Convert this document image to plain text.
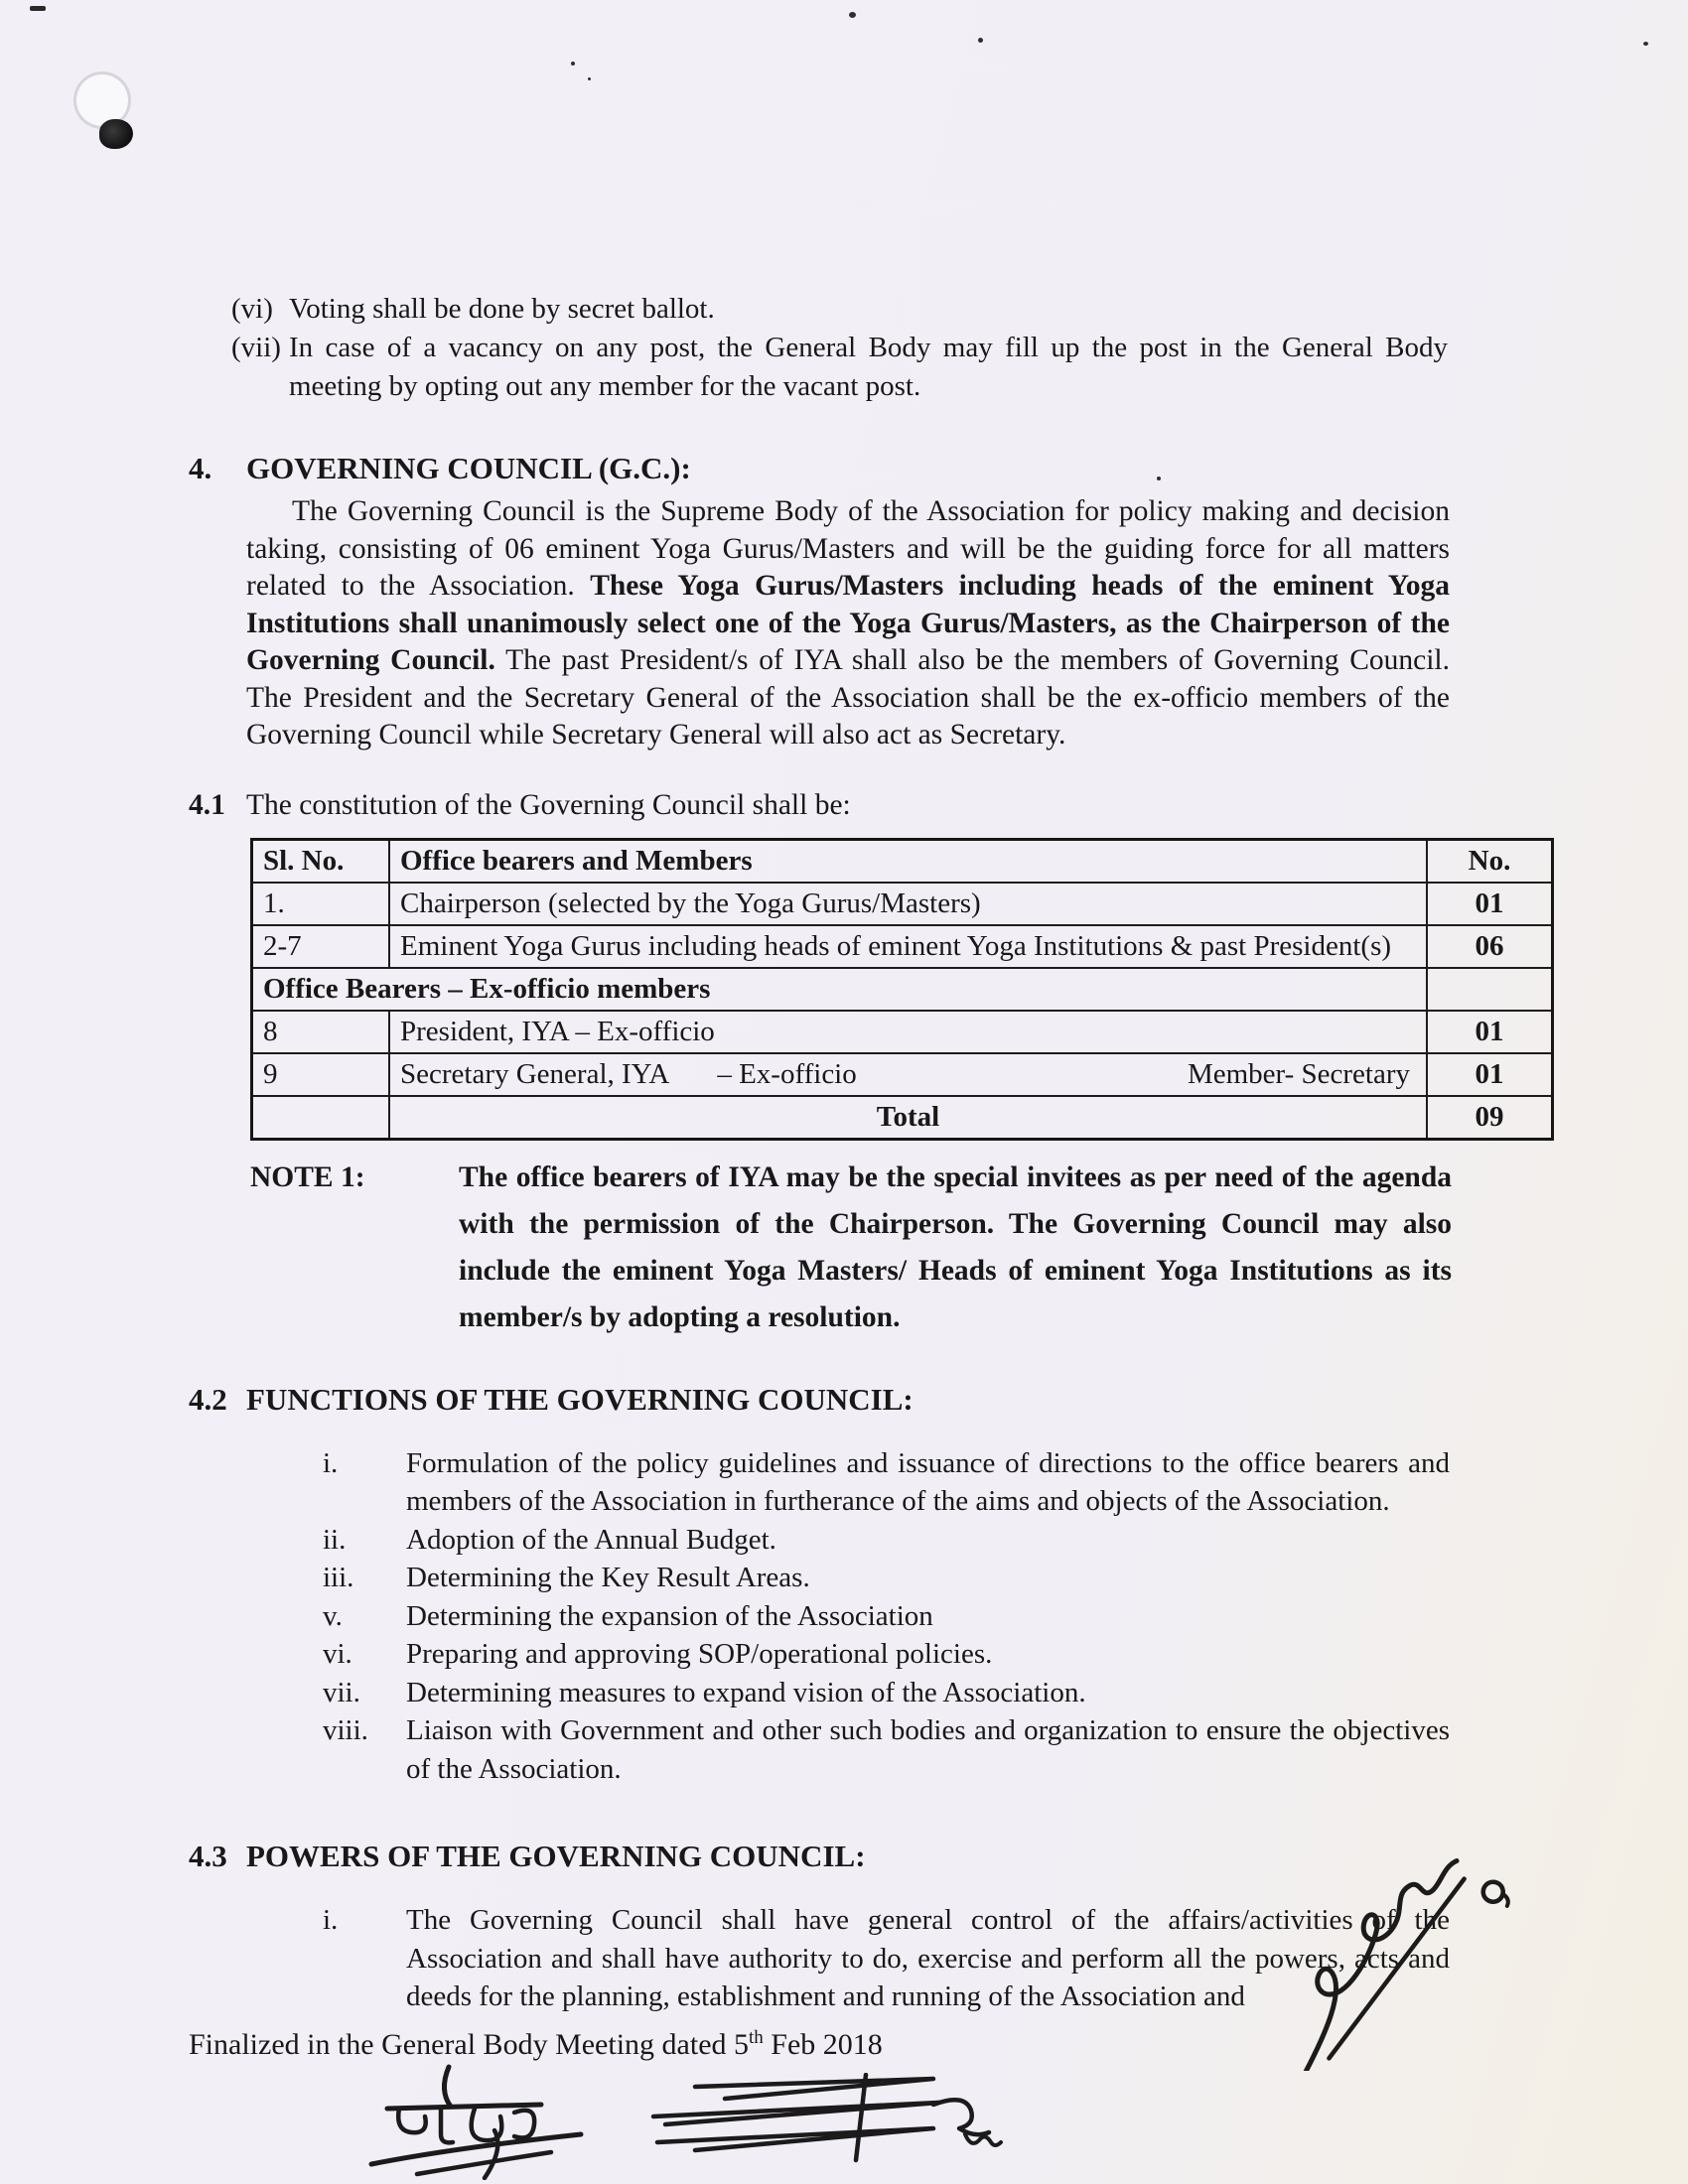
(vi) Voting shall be done by secret ballot.
(vii) In case of a vacancy on any post, the General Body may fill up the post in the General Body meeting by opting out any member for the vacant post.
4. GOVERNING COUNCIL (G.C.):

The Governing Council is the Supreme Body of the Association for policy making and decision taking, consisting of 06 eminent Yoga Gurus/Masters and will be the guiding force for all matters related to the Association. These Yoga Gurus/Masters including heads of the eminent Yoga Institutions shall unanimously select one of the Yoga Gurus/Masters, as the Chairperson of the Governing Council. The past President/s of IYA shall also be the members of Governing Council. The President and the Secretary General of the Association shall be the ex-officio members of the Governing Council while Secretary General will also act as Secretary.

4.1 The constitution of the Governing Council shall be:
Sl. No.	Office bearers and Members	No.
1.	Chairperson (selected by the Yoga Gurus/Masters)	01
2-7	Eminent Yoga Gurus including heads of eminent Yoga Institutions & past President(s)	06
Office Bearers – Ex-officio members		
8	President, IYA – Ex-officio	01
9	Secretary General, IYA – Ex-officio Member- Secretary	01
	Total	09
NOTE 1:	The office bearers of IYA may be the special invitees as per need of the agenda with the permission of the Chairperson. The Governing Council may also include the eminent Yoga Masters/ Heads of eminent Yoga Institutions as its member/s by adopting a resolution.
4.2 FUNCTIONS OF THE GOVERNING COUNCIL:
i.	Formulation of the policy guidelines and issuance of directions to the office bearers and members of the Association in furtherance of the aims and objects of the Association.
ii.	Adoption of the Annual Budget.
iii.	Determining the Key Result Areas.
v.	Determining the expansion of the Association
vi.	Preparing and approving SOP/operational policies.
vii.	Determining measures to expand vision of the Association.
viii.	Liaison with Government and other such bodies and organization to ensure the objectives of the Association.
4.3 POWERS OF THE GOVERNING COUNCIL:
i.	The Governing Council shall have general control of the affairs/activities of the Association and shall have authority to do, exercise and perform all the powers, acts and deeds for the planning, establishment and running of the Association and
Finalized in the General Body Meeting dated 5th Feb 2018
